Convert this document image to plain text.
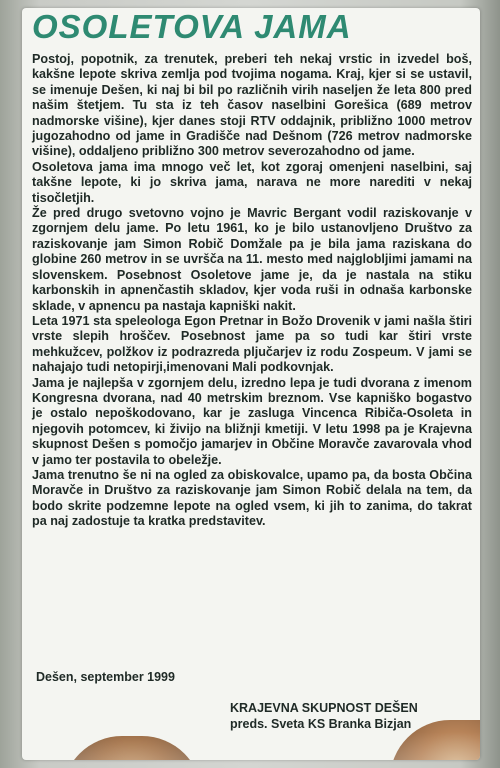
OSOLETOVA JAMA

Postoj, popotnik, za trenutek, preberi teh nekaj vrstic in izvedel boš, kakšne lepote skriva zemlja pod tvojima nogama. Kraj, kjer si se ustavil, se imenuje Dešen, ki naj bi bil po različnih virih naseljen že leta 800 pred našim štetjem. Tu sta iz teh časov naselbini Gorešica (689 metrov nadmorske višine), kjer danes stoji RTV oddajnik, približno 1000 metrov jugozahodno od jame in Gradišče nad Dešnom (726 metrov nadmorske višine), oddaljeno približno 300 metrov severozahodno od jame.

Osoletova jama ima mnogo več let, kot zgoraj omenjeni naselbini, saj takšne lepote, ki jo skriva jama, narava ne more narediti v nekaj tisočletjih.

Že pred drugo svetovno vojno je Mavric Bergant vodil raziskovanje v zgornjem delu jame. Po letu 1961, ko je bilo ustanovljeno Društvo za raziskovanje jam Simon Robič Domžale pa je bila jama raziskana do globine 260 metrov in se uvršča na 11. mesto med najglobljimi jamami na slovenskem. Posebnost Osoletove jame je, da je nastala na stiku karbonskih in apnenčastih skladov, kjer voda ruši in odnaša karbonske sklade, v apnencu pa nastaja kapniški nakit.

Leta 1971 sta speleologa Egon Pretnar in Božo Drovenik v jami našla štiri vrste slepih hroščev. Posebnost jame pa so tudi kar štiri vrste mehkužcev, polžkov iz podrazreda pljučarjev iz rodu Zospeum. V jami se nahajajo tudi netopirji,imenovani Mali podkovnjak.

Jama je najlepša v zgornjem delu, izredno lepa je tudi dvorana z imenom Kongresna dvorana, nad 40 metrskim breznom. Vse kapniško bogastvo je ostalo nepoškodovano, kar je zasluga Vincenca Ribiča-Osoleta in njegovih potomcev, ki živijo na bližnji kmetiji. V letu 1998 pa je Krajevna skupnost Dešen s pomočjo jamarjev in Občine Moravče zavarovala vhod v jamo ter postavila to obeležje.

Jama trenutno še ni na ogled za obiskovalce, upamo pa, da bosta Občina Moravče in Društvo za raziskovanje jam Simon Robič delala na tem, da bodo skrite podzemne lepote na ogled vsem, ki jih to zanima, do takrat pa naj zadostuje ta kratka predstavitev.

Dešen, september 1999
KRAJEVNA SKUPNOST DEŠEN
preds. Sveta KS Branka Bizjan
